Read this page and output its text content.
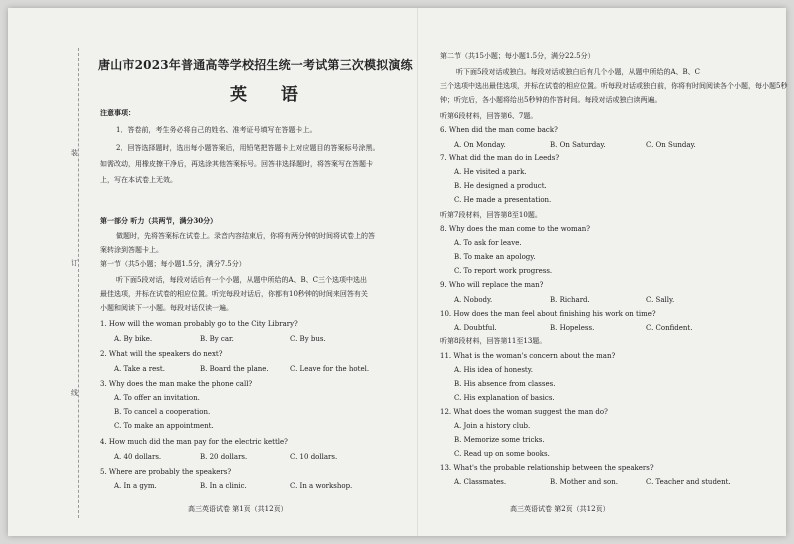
装
订
线
唐山市2023年普通高等学校招生统一考试第三次模拟演练
英 语
注意事项：
1．答卷前，考生务必将自己的姓名、准考证号填写在答题卡上。
2．回答选择题时，选出每小题答案后，用铅笔把答题卡上对应题目的答案标号涂黑。
如需改动，用橡皮擦干净后，再选涂其他答案标号。回答非选择题时，将答案写在答题卡
上，写在本试卷上无效。
第一部分 听力（共两节，满分30分）
做题时，先将答案标在试卷上。录音内容结束后，你将有两分钟的时间将试卷上的答
案转涂到答题卡上。
第一节（共5小题；每小题1.5分，满分7.5分）
听下面5段对话，每段对话后有一个小题，从题中所给的A、B、C三个选项中选出
最佳选项，并标在试卷的相应位置。听完每段对话后，你都有10秒钟的时间来回答有关
小题和阅读下一小题。每段对话仅读一遍。
1. How will the woman probably go to the City Library?
A. By bike.	B. By car.	C. By bus.
2. What will the speakers do next?
A. Take a rest.	B. Board the plane.	C. Leave for the hotel.
3. Why does the man make the phone call?
A. To offer an invitation.
B. To cancel a cooperation.
C. To make an appointment.
4. How much did the man pay for the electric kettle?
A. 40 dollars.	B. 20 dollars.	C. 10 dollars.
5. Where are probably the speakers?
A. In a gym.	B. In a clinic.	C. In a workshop.
高三英语试卷 第1页（共12页）
第二节（共15小题；每小题1.5分，满分22.5分）
听下面5段对话或独白。每段对话或独白后有几个小题，从题中所给的A、B、C
三个选项中选出最佳选项，并标在试卷的相应位置。听每段对话或独白前，你将有时间阅读各个小题，每小题5秒
钟；听完后，各小题将给出5秒钟的作答时间。每段对话或独白读两遍。
听第6段材料，回答第6、7题。
6. When did the man come back?
A. On Monday.	B. On Saturday.	C. On Sunday.
7. What did the man do in Leeds?
A. He visited a park.
B. He designed a product.
C. He made a presentation.
听第7段材料，回答第8至10题。
8. Why does the man come to the woman?
A. To ask for leave.
B. To make an apology.
C. To report work progress.
9. Who will replace the man?
A. Nobody.	B. Richard.	C. Sally.
10. How does the man feel about finishing his work on time?
A. Doubtful.	B. Hopeless.	C. Confident.
听第8段材料，回答第11至13题。
11. What is the woman's concern about the man?
A. His idea of honesty.
B. His absence from classes.
C. His explanation of basics.
12. What does the woman suggest the man do?
A. Join a history club.
B. Memorize some tricks.
C. Read up on some books.
13. What's the probable relationship between the speakers?
A. Classmates.	B. Mother and son.	C. Teacher and student.
高三英语试卷 第2页（共12页）
